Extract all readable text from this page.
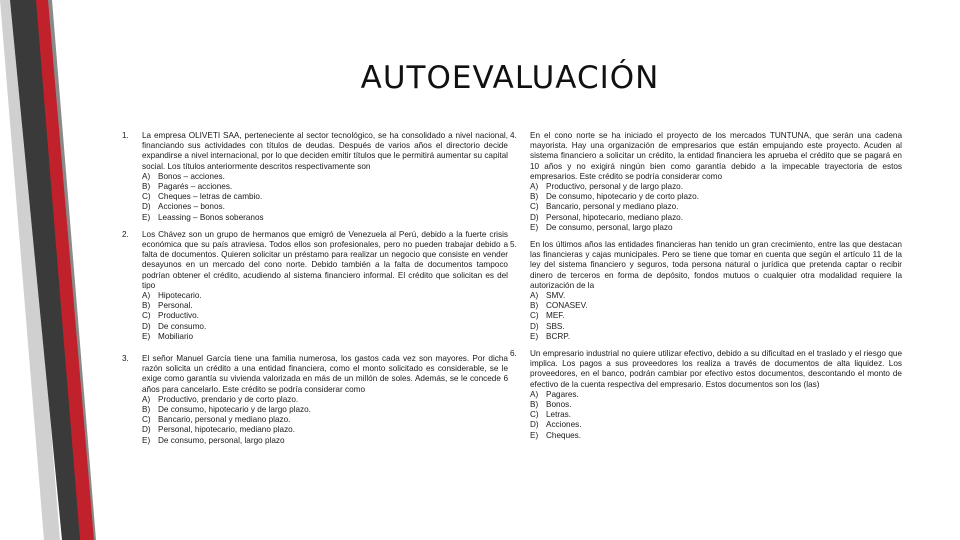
AUTOEVALUACIÓN
1.	La empresa OLIVETI SAA, perteneciente al sector tecnológico, se ha consolidado a nivel nacional, financiando sus actividades con títulos de deudas. Después de varios años el directorio decide expandirse a nivel internacional, por lo que deciden emitir títulos que le permitirá aumentar su capital social. Los títulos anteriormente descritos respectivamente son
A) Bonos – acciones.
B) Pagarés – acciones.
C) Cheques – letras de cambio.
D) Acciones – bonos.
E) Leassing – Bonos soberanos
2.	Los Chávez son un grupo de hermanos que emigró de Venezuela al Perú, debido a la fuerte crisis económica que su país atraviesa. Todos ellos son profesionales, pero no pueden trabajar debido a falta de documentos. Quieren solicitar un préstamo para realizar un negocio que consiste en vender desayunos en un mercado del cono norte. Debido también a la falta de documentos tampoco podrían obtener el crédito, acudiendo al sistema financiero informal. El crédito que solicitan es del tipo
A) Hipotecario.
B) Personal.
C) Productivo.
D) De consumo.
E) Mobiliario
3.	El señor Manuel García tiene una familia numerosa, los gastos cada vez son mayores. Por dicha razón solicita un crédito a una entidad financiera, como el monto solicitado es considerable, se le exige como garantía su vivienda valorizada en más de un millón de soles. Además, se le concede 6 años para cancelarlo. Este crédito se podría considerar como
A) Productivo, prendario y de corto plazo.
B) De consumo, hipotecario y de largo plazo.
C) Bancario, personal y mediano plazo.
D) Personal, hipotecario, mediano plazo.
E) De consumo, personal, largo plazo
4.	En el cono norte se ha iniciado el proyecto de los mercados TUNTUNA, que serán una cadena mayorista. Hay una organización de empresarios que están empujando este proyecto. Acuden al sistema financiero a solicitar un crédito, la entidad financiera les aprueba el crédito que se pagará en 10 años y no exigirá ningún bien como garantía debido a la impecable trayectoria de estos empresarios. Este crédito se podría considerar como
A) Productivo, personal y de largo plazo.
B) De consumo, hipotecario y de corto plazo.
C) Bancario, personal y mediano plazo.
D) Personal, hipotecario, mediano plazo.
E) De consumo, personal, largo plazo
5.	En los últimos años las entidades financieras han tenido un gran crecimiento, entre las que destacan las financieras y cajas municipales. Pero se tiene que tomar en cuenta que según el artículo 11 de la ley del sistema financiero y seguros, toda persona natural o jurídica que pretenda captar o recibir dinero de terceros en forma de depósito, fondos mutuos o cualquier otra modalidad requiere la autorización de la
A) SMV.
B) CONASEV.
C) MEF.
D) SBS.
E) BCRP.
6.	Un empresario industrial no quiere utilizar efectivo, debido a su dificultad en el traslado y el riesgo que implica. Los pagos a sus proveedores los realiza a través de documentos de alta liquidez. Los proveedores, en el banco, podrán cambiar por efectivo estos documentos, descontando el monto de efectivo de la cuenta respectiva del empresario. Estos documentos son los (las)
A) Pagares.
B) Bonos.
C) Letras.
D) Acciones.
E) Cheques.
